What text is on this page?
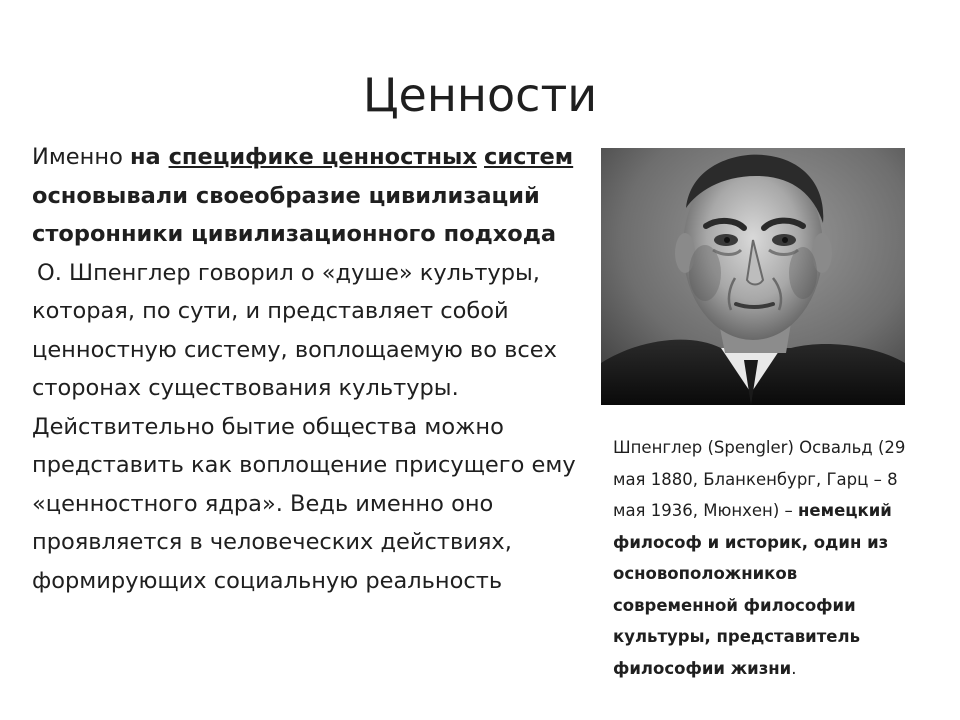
Ценности
Именно на специфике ценностных систем основывали своеобразие цивилизаций сторонники цивилизационного подхода
О. Шпенглер говорил о «душе» культуры, которая, по сути, и представляет собой ценностную систему, воплощаемую во всех сторонах существования культуры. Действительно бытие общества можно представить как воплощение присущего ему «ценностного ядра». Ведь именно оно проявляется в человеческих действиях, формирующих социальную реальность
Шпенглер (Spengler) Освальд (29 мая 1880, Бланкенбург, Гарц – 8 мая 1936, Мюнхен) – немецкий философ и историк, один из основоположников современной философии культуры, представитель философии жизни.
